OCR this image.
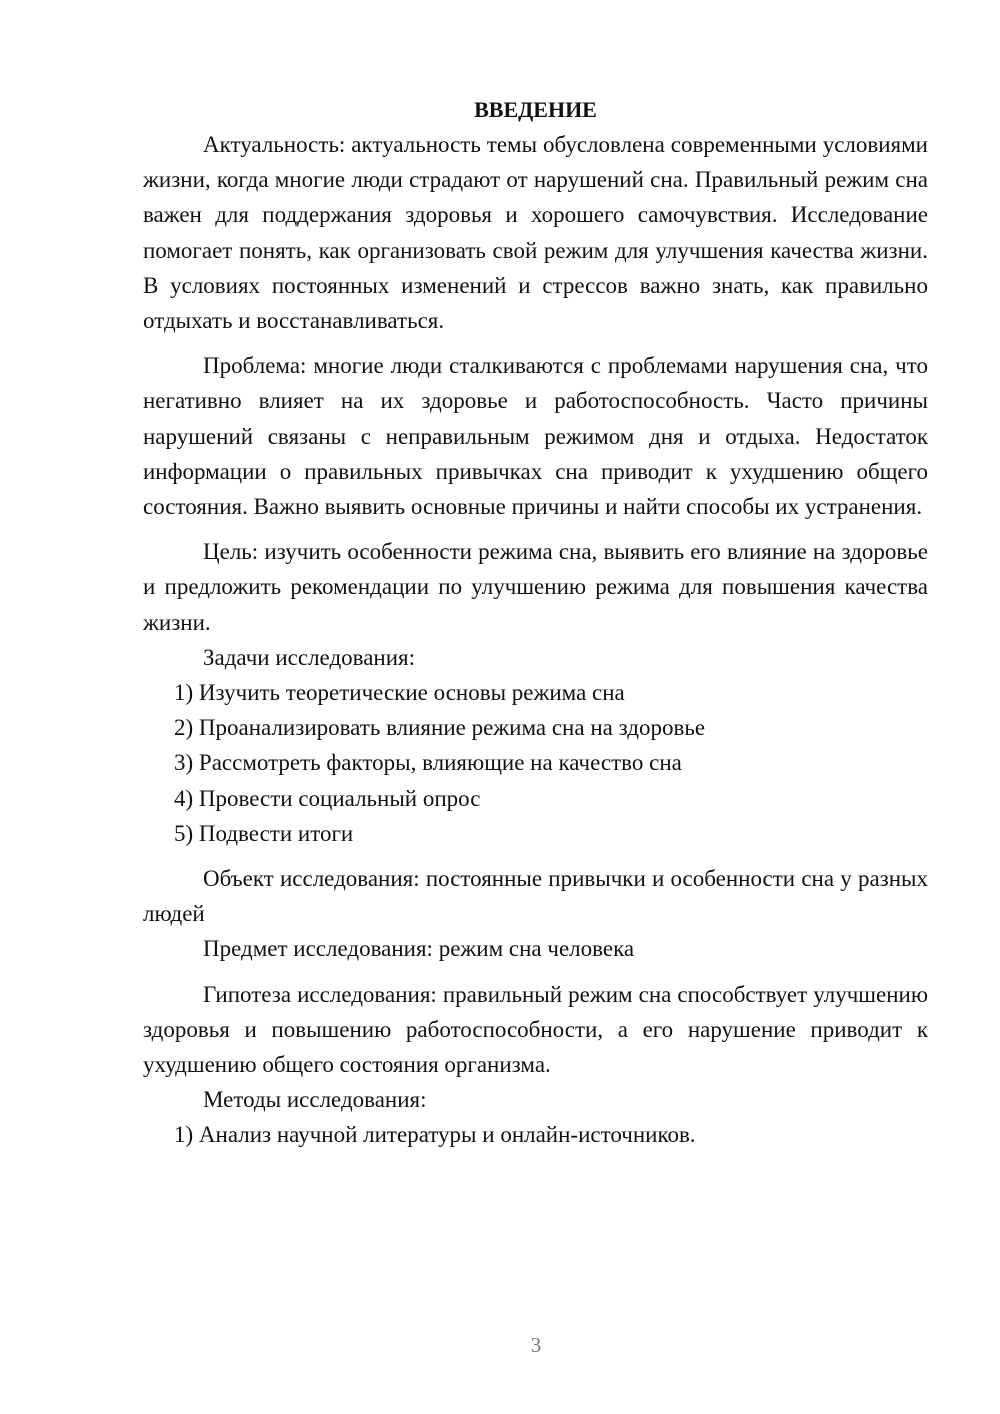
ВВЕДЕНИЕ

Актуальность: актуальность темы обусловлена современными условиями жизни, когда многие люди страдают от нарушений сна. Правильный режим сна важен для поддержания здоровья и хорошего самочувствия. Исследование помогает понять, как организовать свой режим для улучшения качества жизни. В условиях постоянных изменений и стрессов важно знать, как правильно отдыхать и восстанавливаться.

Проблема: многие люди сталкиваются с проблемами нарушения сна, что негативно влияет на их здоровье и работоспособность. Часто причины нарушений связаны с неправильным режимом дня и отдыха. Недостаток информации о правильных привычках сна приводит к ухудшению общего состояния. Важно выявить основные причины и найти способы их устранения.

Цель: изучить особенности режима сна, выявить его влияние на здоровье и предложить рекомендации по улучшению режима для повышения качества жизни.

Задачи исследования:

1) Изучить теоретические основы режима сна

2) Проанализировать влияние режима сна на здоровье

3) Рассмотреть факторы, влияющие на качество сна

4) Провести социальный опрос

5) Подвести итоги

Объект исследования: постоянные привычки и особенности сна у разных людей

Предмет исследования: режим сна человека

Гипотеза исследования: правильный режим сна способствует улучшению здоровья и повышению работоспособности, а его нарушение приводит к ухудшению общего состояния организма.

Методы исследования:

1) Анализ научной литературы и онлайн-источников.

3
